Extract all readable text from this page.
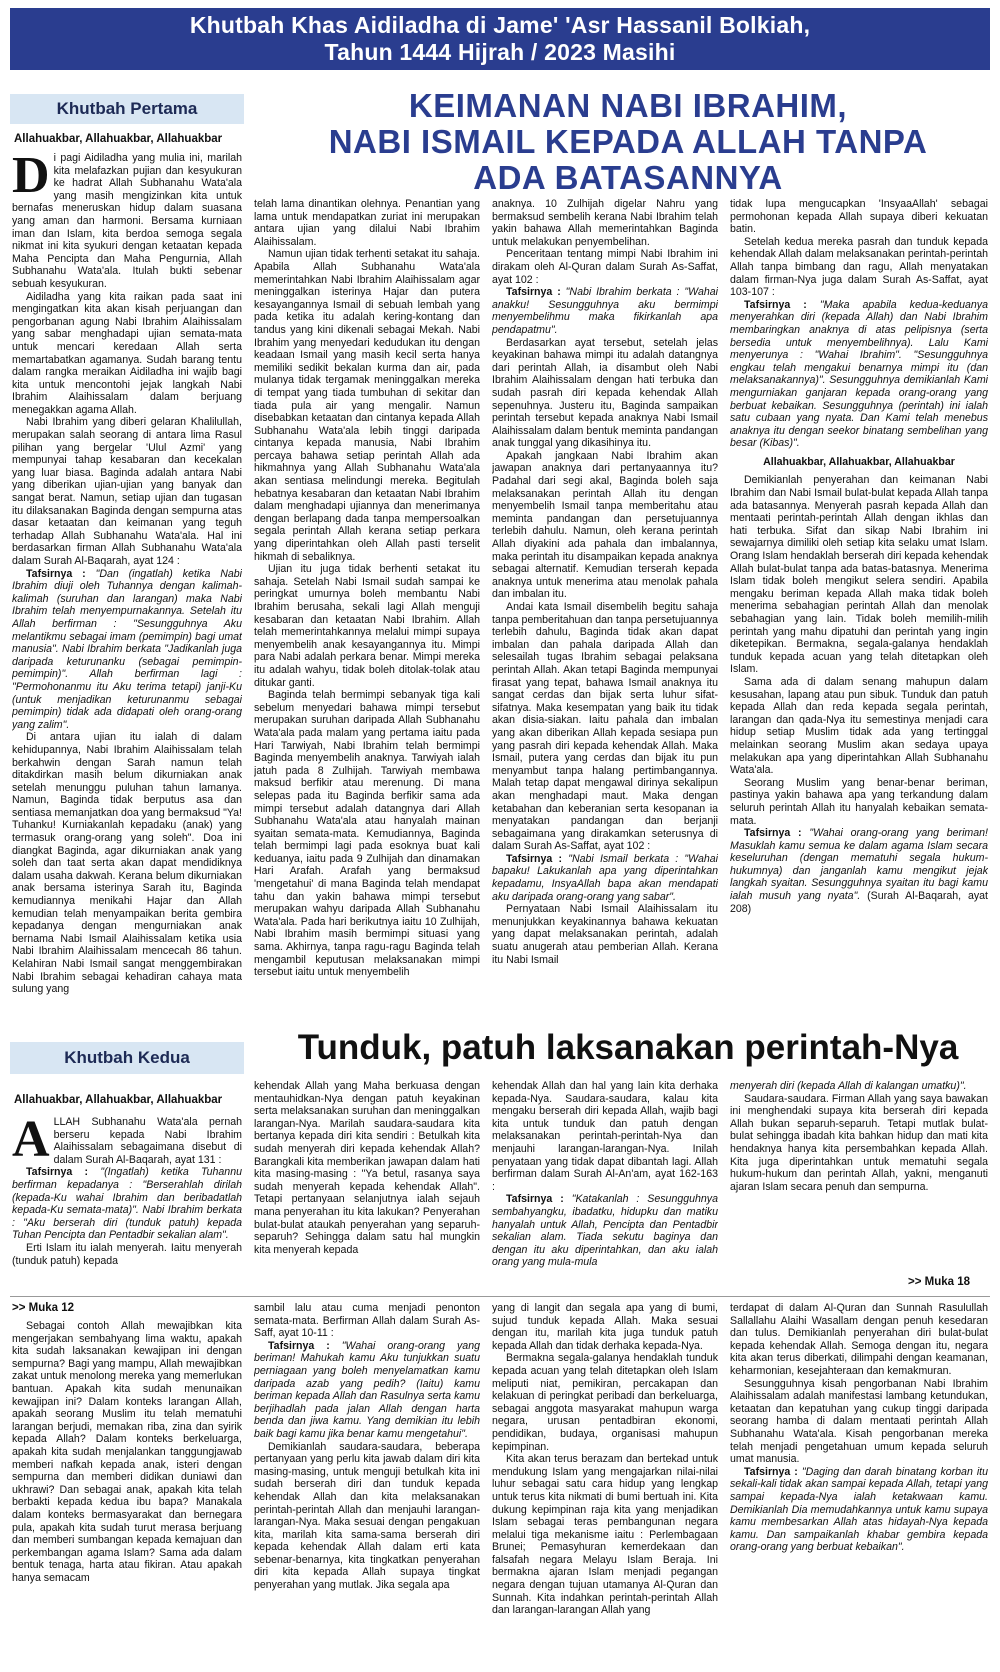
Khutbah Khas Aidiladha di Jame' 'Asr Hassanil Bolkiah,
Tahun 1444 Hijrah / 2023 Masihi
Khutbah Pertama
Allahuakbar, Allahuakbar, Allahuakbar
KEIMANAN NABI IBRAHIM,
NABI ISMAIL KEPADA ALLAH TANPA
ADA BATASANNYA
D i pagi Aidiladha yang mulia ini, marilah kita melafazkan pujian dan kesyukuran ke hadrat Allah Subhanahu Wata'ala yang masih mengizinkan kita untuk bernafas meneruskan hidup dalam suasana yang aman dan harmoni. Bersama kurniaan iman dan Islam, kita berdoa semoga segala nikmat ini kita syukuri dengan ketaatan kepada Maha Pencipta dan Maha Pengurnia, Allah Subhanahu Wata'ala. Itulah bukti sebenar sebuah kesyukuran.

Aidiladha yang kita raikan pada saat ini mengingatkan kita akan kisah perjuangan dan pengorbanan agung Nabi Ibrahim Alaihissalam yang sabar menghadapi ujian semata-mata untuk mencari keredaan Allah serta memartabatkan agamanya. Sudah barang tentu dalam rangka meraikan Aidiladha ini wajib bagi kita untuk mencontohi jejak langkah Nabi Ibrahim Alaihissalam dalam berjuang menegakkan agama Allah.

Nabi Ibrahim yang diberi gelaran Khalilullah, merupakan salah seorang di antara lima Rasul pilihan yang bergelar 'Ulul Azmi' yang mempunyai tahap kesabaran dan kecekalan yang luar biasa. Baginda adalah antara Nabi yang diberikan ujian-ujian yang banyak dan sangat berat. Namun, setiap ujian dan tugasan itu dilaksanakan Baginda dengan sempurna atas dasar ketaatan dan keimanan yang teguh terhadap Allah Subhanahu Wata'ala. Hal ini berdasarkan firman Allah Subhanahu Wata'ala dalam Surah Al-Baqarah, ayat 124 :

Tafsirnya : "Dan (ingatlah) ketika Nabi Ibrahim diuji oleh Tuhannya dengan kalimah-kalimah (suruhan dan larangan) maka Nabi Ibrahim telah menyempurnakannya. Setelah itu Allah berfirman : "Sesungguhnya Aku melantikmu sebagai imam (pemimpin) bagi umat manusia". Nabi Ibrahim berkata "Jadikanlah juga daripada keturunanku (sebagai pemimpin-pemimpin)". Allah berfirman lagi : "Permohonanmu itu Aku terima tetapi) janji-Ku (untuk menjadikan keturunanmu sebagai pemimpin) tidak ada didapati oleh orang-orang yang zalim".

Di antara ujian itu ialah di dalam kehidupannya, Nabi Ibrahim Alaihissalam telah berkahwin dengan Sarah namun telah ditakdirkan masih belum dikurniakan anak setelah menunggu puluhan tahun lamanya. Namun, Baginda tidak berputus asa dan sentiasa memanjatkan doa yang bermaksud "Ya! Tuhanku! Kurniakanlah kepadaku (anak) yang termasuk orang-orang yang soleh". Doa ini diangkat Baginda, agar dikurniakan anak yang soleh dan taat serta akan dapat mendidiknya dalam usaha dakwah. Kerana belum dikurniakan anak bersama isterinya Sarah itu, Baginda kemudiannya menikahi Hajar dan Allah kemudian telah menyampaikan berita gembira kepadanya dengan mengurniakan anak bernama Nabi Ismail Alaihissalam ketika usia Nabi Ibrahim Alaihissalam mencecah 86 tahun. Kelahiran Nabi Ismail sangat menggembirakan Nabi Ibrahim sebagai kehadiran cahaya mata sulung yang

telah lama dinantikan olehnya. Penantian yang lama untuk mendapatkan zuriat ini merupakan antara ujian yang dilalui Nabi Ibrahim Alaihissalam.

Namun ujian tidak terhenti setakat itu sahaja. Apabila Allah Subhanahu Wata'ala memerintahkan Nabi Ibrahim Alaihissalam agar meninggalkan isterinya Hajar dan putera kesayangannya Ismail di sebuah lembah yang pada ketika itu adalah kering-kontang dan tandus yang kini dikenali sebagai Mekah. Nabi Ibrahim yang menyedari kedudukan itu dengan keadaan Ismail yang masih kecil serta hanya memiliki sedikit bekalan kurma dan air, pada mulanya tidak tergamak meninggalkan mereka di tempat yang tiada tumbuhan di sekitar dan tiada pula air yang mengalir. Namun disebabkan ketaatan dan cintanya kepada Allah Subhanahu Wata'ala lebih tinggi daripada cintanya kepada manusia, Nabi Ibrahim percaya bahawa setiap perintah Allah ada hikmahnya yang Allah Subhanahu Wata'ala akan sentiasa melindungi mereka. Begitulah hebatnya kesabaran dan ketaatan Nabi Ibrahim dalam menghadapi ujiannya dan menerimanya dengan berlapang dada tanpa mempersoalkan segala perintah Allah kerana setiap perkara yang diperintahkan oleh Allah pasti terselit hikmah di sebaliknya.

Ujian itu juga tidak berhenti setakat itu sahaja. Setelah Nabi Ismail sudah sampai ke peringkat umurnya boleh membantu Nabi Ibrahim berusaha, sekali lagi Allah menguji kesabaran dan ketaatan Nabi Ibrahim. Allah telah memerintahkannya melalui mimpi supaya menyembelih anak kesayangannya itu. Mimpi para Nabi adalah perkara benar. Mimpi mereka itu adalah wahyu, tidak boleh ditolak-tolak atau ditukar ganti.

Baginda telah bermimpi sebanyak tiga kali sebelum menyedari bahawa mimpi tersebut merupakan suruhan daripada Allah Subhanahu Wata'ala pada malam yang pertama iaitu pada Hari Tarwiyah, Nabi Ibrahim telah bermimpi Baginda menyembelih anaknya. Tarwiyah ialah jatuh pada 8 Zulhijah. Tarwiyah membawa maksud berfikir atau merenung. Di mana selepas pada itu Baginda berfikir sama ada mimpi tersebut adalah datangnya dari Allah Subhanahu Wata'ala atau hanyalah mainan syaitan semata-mata. Kemudiannya, Baginda telah bermimpi lagi pada esoknya buat kali keduanya, iaitu pada 9 Zulhijah dan dinamakan Hari Arafah. Arafah yang bermaksud 'mengetahui' di mana Baginda telah mendapat tahu dan yakin bahawa mimpi tersebut merupakan wahyu daripada Allah Subhanahu Wata'ala. Pada hari berikutnya iaitu 10 Zulhijah, Nabi Ibrahim masih bermimpi situasi yang sama. Akhirnya, tanpa ragu-ragu Baginda telah mengambil keputusan melaksanakan mimpi tersebut iaitu untuk menyembelih

anaknya. 10 Zulhijah digelar Nahru yang bermaksud sembelih kerana Nabi Ibrahim telah yakin bahawa Allah memerintahkan Baginda untuk melakukan penyembelihan.

Penceritaan tentang mimpi Nabi Ibrahim ini dirakam oleh Al-Quran dalam Surah As-Saffat, ayat 102 :

Tafsirnya : "Nabi Ibrahim berkata : "Wahai anakku! Sesungguhnya aku bermimpi menyembelihmu maka fikirkanlah apa pendapatmu".

Berdasarkan ayat tersebut, setelah jelas keyakinan bahawa mimpi itu adalah datangnya dari perintah Allah, ia disambut oleh Nabi Ibrahim Alaihissalam dengan hati terbuka dan sudah pasrah diri kepada kehendak Allah sepenuhnya. Justeru itu, Baginda sampaikan perintah tersebut kepada anaknya Nabi Ismail Alaihissalam dalam bentuk meminta pandangan anak tunggal yang dikasihinya itu.

Apakah jangkaan Nabi Ibrahim akan jawapan anaknya dari pertanyaannya itu? Padahal dari segi akal, Baginda boleh saja melaksanakan perintah Allah itu dengan menyembelih Ismail tanpa memberitahu atau meminta pandangan dan persetujuannya terlebih dahulu. Namun, oleh kerana perintah Allah diyakini ada pahala dan imbalannya, maka perintah itu disampaikan kepada anaknya sebagai alternatif. Kemudian terserah kepada anaknya untuk menerima atau menolak pahala dan imbalan itu.

Andai kata Ismail disembelih begitu sahaja tanpa pemberitahuan dan tanpa persetujuannya terlebih dahulu, Baginda tidak akan dapat imbalan dan pahala daripada Allah dan selesailah tugas Ibrahim sebagai pelaksana perintah Allah. Akan tetapi Baginda mempunyai firasat yang tepat, bahawa Ismail anaknya itu sangat cerdas dan bijak serta luhur sifat-sifatnya. Maka kesempatan yang baik itu tidak akan disia-siakan. Iaitu pahala dan imbalan yang akan diberikan Allah kepada sesiapa pun yang pasrah diri kepada kehendak Allah. Maka Ismail, putera yang cerdas dan bijak itu pun menyambut tanpa halang pertimbangannya. Malah tetap dapat mengawal dirinya sekalipun akan menghadapi maut. Maka dengan ketabahan dan keberanian serta kesopanan ia menyatakan pandangan dan berjanji sebagaimana yang dirakamkan seterusnya di dalam Surah As-Saffat, ayat 102 :

Tafsirnya : "Nabi Ismail berkata : "Wahai bapaku! Lakukanlah apa yang diperintahkan kepadamu, InsyaAllah bapa akan mendapati aku daripada orang-orang yang sabar".

Pernyataan Nabi Ismail Alaihissalam itu menunjukkan keyakinannya bahawa kekuatan yang dapat melaksanakan perintah, adalah suatu anugerah atau pemberian Allah. Kerana itu Nabi Ismail

tidak lupa mengucapkan 'InsyaaAllah' sebagai permohonan kepada Allah supaya diberi kekuatan batin.

Setelah kedua mereka pasrah dan tunduk kepada kehendak Allah dalam melaksanakan perintah-perintah Allah tanpa bimbang dan ragu, Allah menyatakan dalam firman-Nya juga dalam Surah As-Saffat, ayat 103-107 :

Tafsirnya : "Maka apabila kedua-keduanya menyerahkan diri (kepada Allah) dan Nabi Ibrahim membaringkan anaknya di atas pelipisnya (serta bersedia untuk menyembelihnya). Lalu Kami menyerunya : "Wahai Ibrahim". "Sesungguhnya engkau telah mengakui benarnya mimpi itu (dan melaksanakannya)". Sesungguhnya demikianlah Kami mengurniakan ganjaran kepada orang-orang yang berbuat kebaikan. Sesungguhnya (perintah) ini ialah satu cubaan yang nyata. Dan Kami telah menebus anaknya itu dengan seekor binatang sembelihan yang besar (Kibas)".

Allahuakbar, Allahuakbar, Allahuakbar

Demikianlah penyerahan dan keimanan Nabi Ibrahim dan Nabi Ismail bulat-bulat kepada Allah tanpa ada batasannya. Menyerah pasrah kepada Allah dan mentaati perintah-perintah Allah dengan ikhlas dan hati terbuka. Sifat dan sikap Nabi Ibrahim ini sewajarnya dimiliki oleh setiap kita selaku umat Islam. Orang Islam hendaklah berserah diri kepada kehendak Allah bulat-bulat tanpa ada batas-batasnya. Menerima Islam tidak boleh mengikut selera sendiri. Apabila mengaku beriman kepada Allah maka tidak boleh menerima sebahagian perintah Allah dan menolak sebahagian yang lain. Tidak boleh memilih-milih perintah yang mahu dipatuhi dan perintah yang ingin diketepikan. Bermakna, segala-galanya hendaklah tunduk kepada acuan yang telah ditetapkan oleh Islam.

Sama ada di dalam senang mahupun dalam kesusahan, lapang atau pun sibuk. Tunduk dan patuh kepada Allah dan reda kepada segala perintah, larangan dan qada-Nya itu semestinya menjadi cara hidup setiap Muslim tidak ada yang tertinggal melainkan seorang Muslim akan sedaya upaya melakukan apa yang diperintahkan Allah Subhanahu Wata'ala.

Seorang Muslim yang benar-benar beriman, pastinya yakin bahawa apa yang terkandung dalam seluruh perintah Allah itu hanyalah kebaikan semata-mata.

Tafsirnya : "Wahai orang-orang yang beriman! Masuklah kamu semua ke dalam agama Islam secara keseluruhan (dengan mematuhi segala hukum-hukumnya) dan janganlah kamu mengikut jejak langkah syaitan. Sesungguhnya syaitan itu bagi kamu ialah musuh yang nyata". (Surah Al-Baqarah, ayat 208)

Khutbah Kedua
Allahuakbar, Allahuakbar, Allahuakbar
Tunduk, patuh laksanakan perintah-Nya
A LLAH Subhanahu Wata'ala pernah berseru kepada Nabi Ibrahim Alaihissalam sebagaimana disebut di dalam Surah Al-Baqarah, ayat 131 :

Tafsirnya : "(Ingatlah) ketika Tuhannu berfirman kepadanya : "Berserahlah dirilah (kepada-Ku wahai Ibrahim dan beribadatlah kepada-Ku semata-mata)". Nabi Ibrahim berkata : "Aku berserah diri (tunduk patuh) kepada Tuhan Pencipta dan Pentadbir sekalian alam".

Erti Islam itu ialah menyerah. Iaitu menyerah (tunduk patuh) kepada

kehendak Allah yang Maha berkuasa dengan mentauhidkan-Nya dengan patuh keyakinan serta melaksanakan suruhan dan meninggalkan larangan-Nya. Marilah saudara-saudara kita bertanya kepada diri kita sendiri : Betulkah kita sudah menyerah diri kepada kehendak Allah? Barangkali kita memberikan jawapan dalam hati kita masing-masing : "Ya betul, rasanya saya sudah menyerah kepada kehendak Allah". Tetapi pertanyaan selanjutnya ialah sejauh mana penyerahan itu kita lakukan? Penyerahan bulat-bulat ataukah penyerahan yang separuh-separuh? Sehingga dalam satu hal mungkin kita menyerah kepada

kehendak Allah dan hal yang lain kita derhaka kepada-Nya. Saudara-saudara, kalau kita mengaku berserah diri kepada Allah, wajib bagi kita untuk tunduk dan patuh dengan melaksanakan perintah-perintah-Nya dan menjauhi larangan-larangan-Nya. Inilah penyataan yang tidak dapat dibantah lagi. Allah berfirman dalam Surah Al-An'am, ayat 162-163 :

Tafsirnya : "Katakanlah : Sesungguhnya sembahyangku, ibadatku, hidupku dan matiku hanyalah untuk Allah, Pencipta dan Pentadbir sekalian alam. Tiada sekutu baginya dan dengan itu aku diperintahkan, dan aku ialah orang yang mula-mula

menyerah diri (kepada Allah di kalangan umatku)".

Saudara-saudara. Firman Allah yang saya bawakan ini menghendaki supaya kita berserah diri kepada Allah bukan separuh-separuh. Tetapi mutlak bulat-bulat sehingga ibadah kita bahkan hidup dan mati kita hendaknya hanya kita persembahkan kepada Allah. Kita juga diperintahkan untuk mematuhi segala hukum-hukum dan perintah Allah, yakni, menganuti ajaran Islam secara penuh dan sempurna.

>> Muka 18
>> Muka 12

Sebagai contoh Allah mewajibkan kita mengerjakan sembahyang lima waktu, apakah kita sudah laksanakan kewajipan ini dengan sempurna? Bagi yang mampu, Allah mewajibkan zakat untuk menolong mereka yang memerlukan bantuan. Apakah kita sudah menunaikan kewajipan ini? Dalam konteks larangan Allah, apakah seorang Muslim itu telah mematuhi larangan berjudi, memakan riba, zina dan syirik kepada Allah? Dalam konteks berkeluarga, apakah kita sudah menjalankan tanggungjawab memberi nafkah kepada anak, isteri dengan sempurna dan memberi didikan duniawi dan ukhrawi? Dan sebagai anak, apakah kita telah berbakti kepada kedua ibu bapa? Manakala dalam konteks bermasyarakat dan bernegara pula, apakah kita sudah turut merasa berjuang dan memberi sumbangan kepada kemajuan dan perkembangan agama Islam? Sama ada dalam bentuk tenaga, harta atau fikiran. Atau apakah hanya semacam

sambil lalu atau cuma menjadi penonton semata-mata. Berfirman Allah dalam Surah As-Saff, ayat 10-11 :

Tafsirnya : "Wahai orang-orang yang beriman! Mahukah kamu Aku tunjukkan suatu perniagaan yang boleh menyelamatkan kamu daripada azab yang pedih? (Iaitu) kamu beriman kepada Allah dan Rasulnya serta kamu berjihadlah pada jalan Allah dengan harta benda dan jiwa kamu. Yang demikian itu lebih baik bagi kamu jika benar kamu mengetahui".

Demikianlah saudara-saudara, beberapa pertanyaan yang perlu kita jawab dalam diri kita masing-masing, untuk menguji betulkah kita ini sudah berserah diri dan tunduk kepada kehendak Allah dan kita melaksanakan perintah-perintah Allah dan menjauhi larangan-larangan-Nya. Maka sesuai dengan pengakuan kita, marilah kita sama-sama berserah diri kepada kehendak Allah dalam erti kata sebenar-benarnya, kita tingkatkan penyerahan diri kita kepada Allah supaya tingkat penyerahan yang mutlak. Jika segala apa

yang di langit dan segala apa yang di bumi, sujud tunduk kepada Allah. Maka sesuai dengan itu, marilah kita juga tunduk patuh kepada Allah dan tidak derhaka kepada-Nya.

Bermakna segala-galanya hendaklah tunduk kepada acuan yang telah ditetapkan oleh Islam meliputi niat, pemikiran, percakapan dan kelakuan di peringkat peribadi dan berkeluarga, sebagai anggota masyarakat mahupun warga negara, urusan pentadbiran ekonomi, pendidikan, budaya, organisasi mahupun kepimpinan.

Kita akan terus berazam dan bertekad untuk mendukung Islam yang mengajarkan nilai-nilai luhur sebagai satu cara hidup yang lengkap untuk terus kita nikmati di bumi bertuah ini. Kita dukung kepimpinan raja kita yang menjadikan Islam sebagai teras pembangunan negara melalui tiga mekanisme iaitu : Perlembagaan Brunei; Pemasyhuran kemerdekaan dan falsafah negara Melayu Islam Beraja. Ini bermakna ajaran Islam menjadi pegangan negara dengan tujuan utamanya Al-Quran dan Sunnah. Kita indahkan perintah-perintah Allah dan larangan-larangan Allah yang

terdapat di dalam Al-Quran dan Sunnah Rasulullah Sallallahu Alaihi Wasallam dengan penuh kesedaran dan tulus. Demikianlah penyerahan diri bulat-bulat kepada kehendak Allah. Semoga dengan itu, negara kita akan terus diberkati, dilimpahi dengan keamanan, keharmonian, kesejahteraan dan kemakmuran.

Sesungguhnya kisah pengorbanan Nabi Ibrahim Alaihissalam adalah manifestasi lambang ketundukan, ketaatan dan kepatuhan yang cukup tinggi daripada seorang hamba di dalam mentaati perintah Allah Subhanahu Wata'ala. Kisah pengorbanan mereka telah menjadi pengetahuan umum kepada seluruh umat manusia.

Tafsirnya : "Daging dan darah binatang korban itu sekali-kali tidak akan sampai kepada Allah, tetapi yang sampai kepada-Nya ialah ketakwaan kamu. Demikianlah Dia memudahkannya untuk kamu supaya kamu membesarkan Allah atas hidayah-Nya kepada kamu. Dan sampaikanlah khabar gembira kepada orang-orang yang berbuat kebaikan".
